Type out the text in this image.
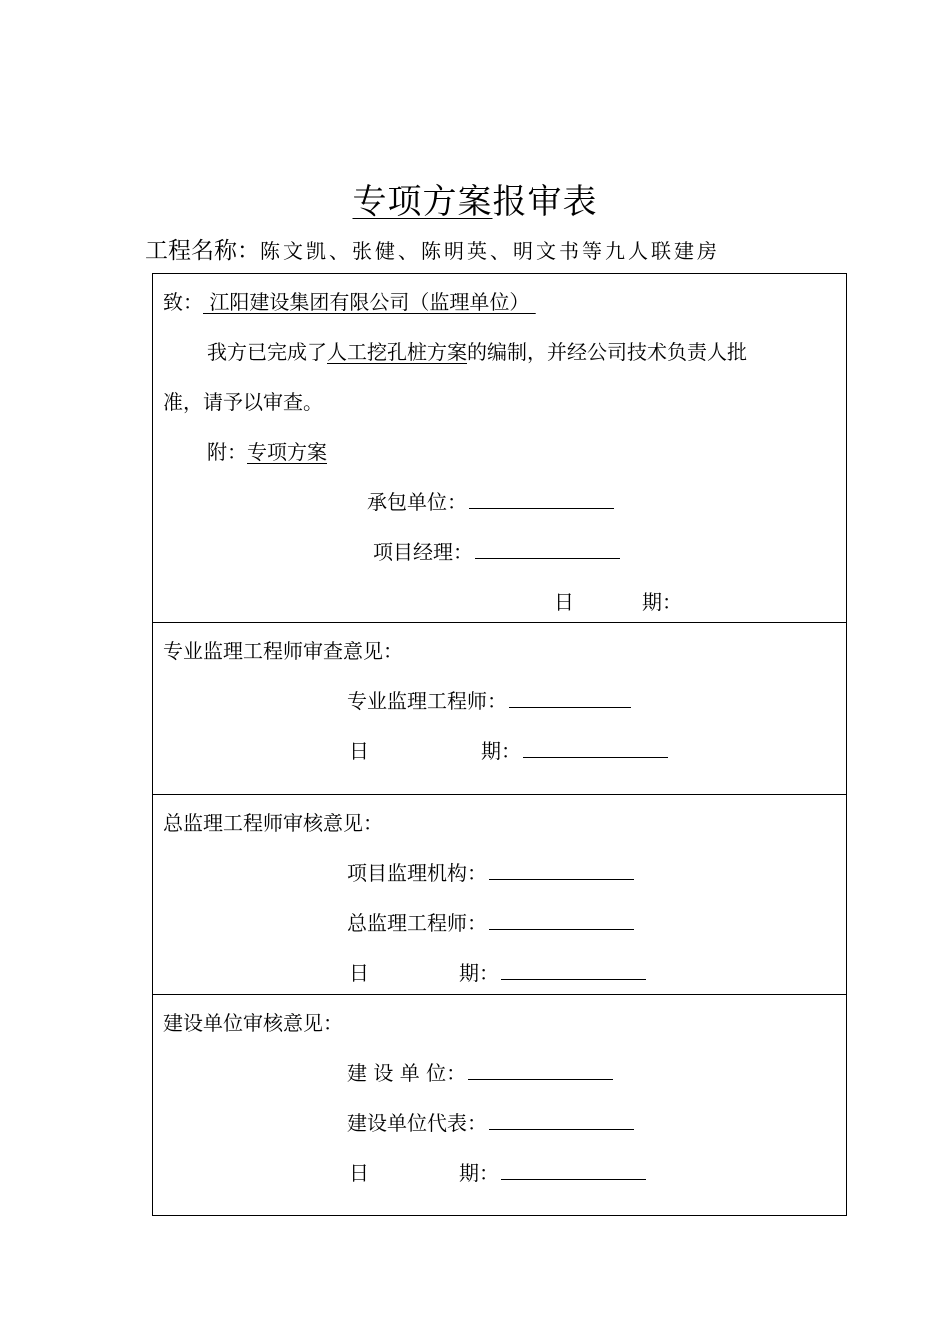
专项方案报审表
工程名称：陈文凯、张健、陈明英、明文书等九人联建房
致： 江阳建设集团有限公司（监理单位）
我方已完成了人工挖孔桩方案的编制，并经公司技术负责人批
准，请予以审查。
附：专项方案
承包单位：
项目经理：
日	期：
专业监理工程师审查意见：
专业监理工程师：
日	期：
总监理工程师审核意见：
项目监理机构：
总监理工程师：
日	期：
建设单位审核意见：
建 设 单 位：
建设单位代表：
日	期：
